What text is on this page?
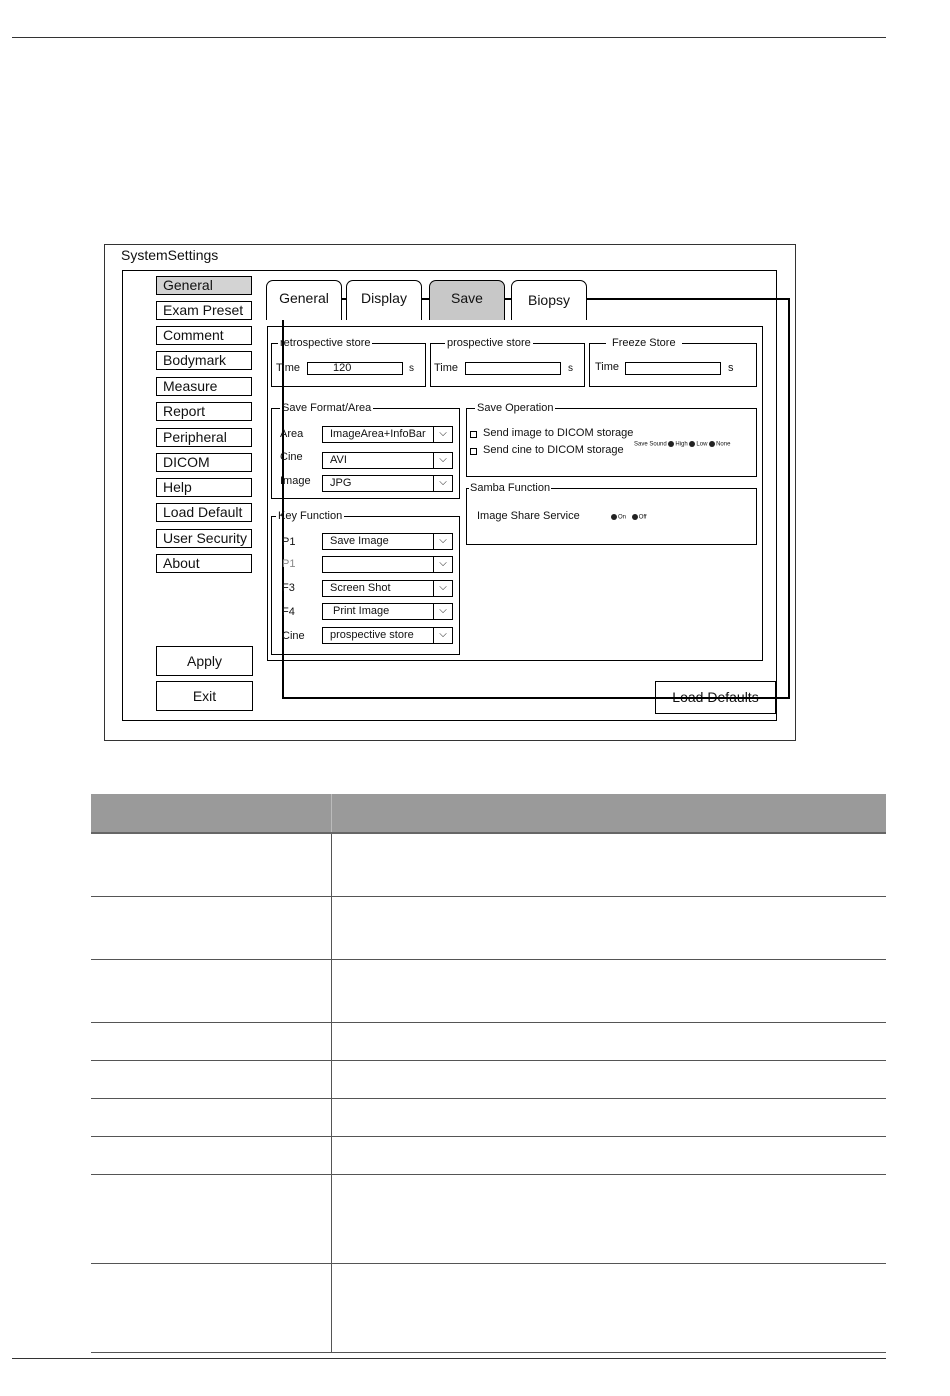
SystemSettings
General
Exam Preset
Comment
Bodymark
Measure
Report
Peripheral
DICOM
Help
Load Default
User Security
About
Apply
Exit	Load Defaults
General	Display	Save	Biopsy
retrospective store
Time	120	s
prospective store
Time	s
Freeze Store
Time	s
Save Format/Area
Area ImageArea+InfoBar	⌵
Cine AVI	⌵
Image JPG	⌵
Key Function
P1	Save Image	⌵
P1	⌵
F3	Screen Shot	⌵
F4	Print Image	⌵
Cine prospective store	⌵
Save Operation
Send image to DICOM storage
Send cine to DICOM storage Save Sound High Low None
Samba Function
Image Share Service	On Off
